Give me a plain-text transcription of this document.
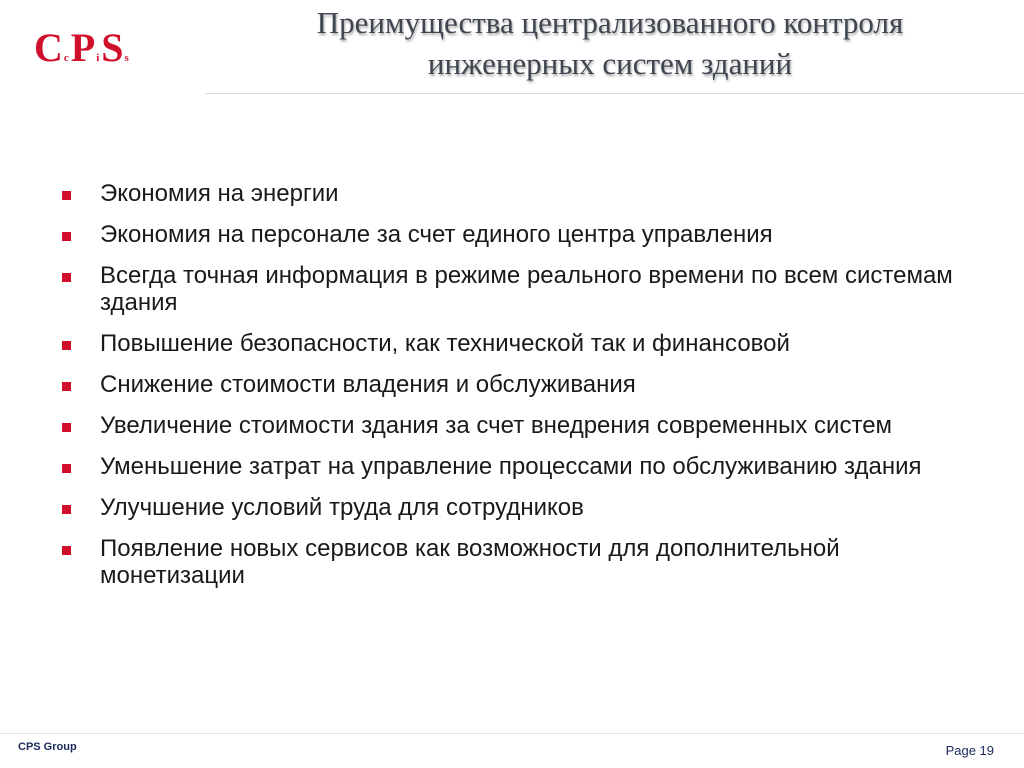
C c P i S s
Преимущества централизованного контроля
инженерных систем зданий
Экономия на энергии
Экономия на персонале за счет единого центра управления
Всегда точная информация в режиме реального времени по всем системам здания
Повышение безопасности, как технической так и финансовой
Снижение стоимости владения и обслуживания
Увеличение стоимости здания за счет внедрения современных систем
Уменьшение затрат на управление процессами по обслуживанию здания
Улучшение условий труда для сотрудников
Появление новых сервисов как возможности для дополнительной монетизации
CPS Group	Page 19
